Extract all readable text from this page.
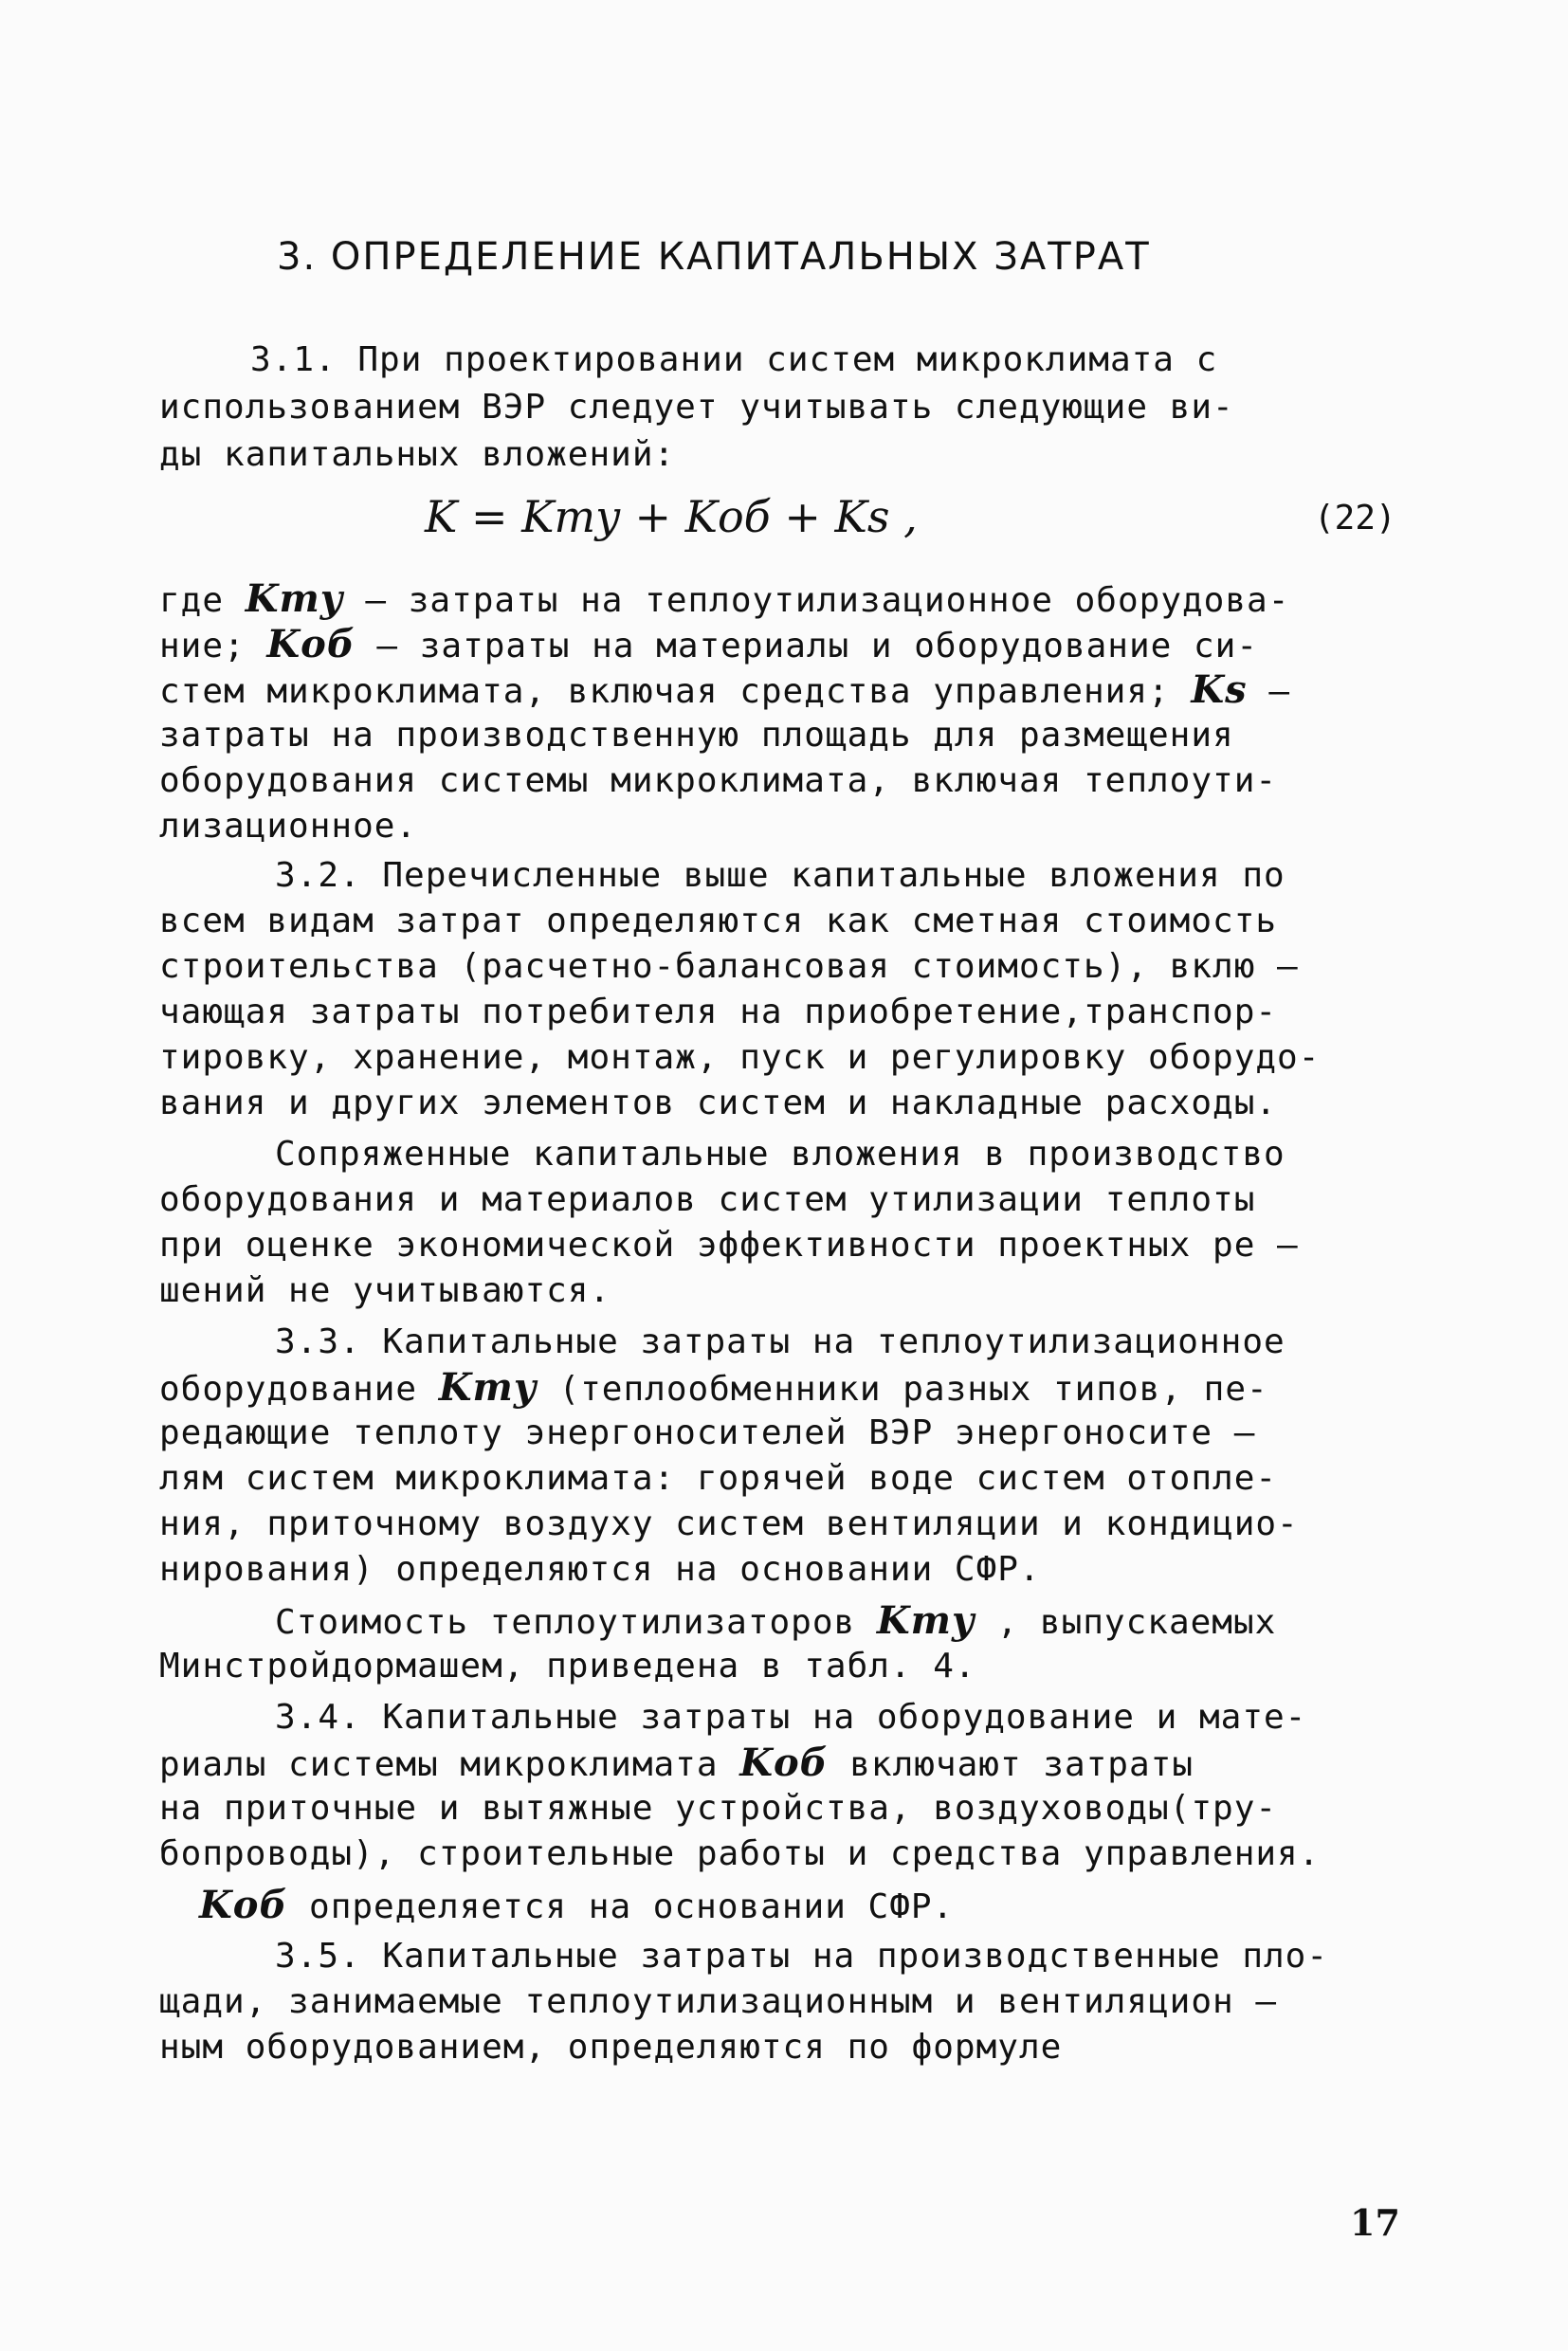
3. ОПРЕДЕЛЕНИЕ КАПИТАЛЬНЫХ ЗАТРАТ
3.1. При проектировании систем микроклимата с
использованием ВЭР следует учитывать следующие ви-
ды капитальных вложений:
K = Kту + Kоб + Ks ,	(22)
где Kту – затраты на теплоутилизационное оборудова-
ние; Kоб – затраты на материалы и оборудование си-
стем микроклимата, включая средства управления; Ks –
затраты на производственную площадь для размещения
оборудования системы микроклимата, включая теплоути-
лизационное.
3.2. Перечисленные выше капитальные вложения по
всем видам затрат определяются как сметная стоимость
строительства (расчетно-балансовая стоимость), вклю –
чающая затраты потребителя на приобретение,транспор-
тировку, хранение, монтаж, пуск и регулировку оборудо-
вания и других элементов систем и накладные расходы.
Сопряженные капитальные вложения в производство
оборудования и материалов систем утилизации теплоты
при оценке экономической эффективности проектных ре –
шений не учитываются.
3.3. Капитальные затраты на теплоутилизационное
оборудование Kту (теплообменники разных типов, пе-
редающие теплоту энергоносителей ВЭР энергоносите –
лям систем микроклимата: горячей воде систем отопле-
ния, приточному воздуху систем вентиляции и кондицио-
нирования) определяются на основании СФР.
Стоимость теплоутилизаторов Kту , выпускаемых
Минстройдормашем, приведена в табл. 4.
3.4. Капитальные затраты на оборудование и мате-
риалы системы микроклимата Kоб включают затраты
на приточные и вытяжные устройства, воздуховоды(тру-
бопроводы), строительные работы и средства управления.
Kоб определяется на основании СФР.
3.5. Капитальные затраты на производственные пло-
щади, занимаемые теплоутилизационным и вентиляцион –
ным оборудованием, определяются по формуле
17
